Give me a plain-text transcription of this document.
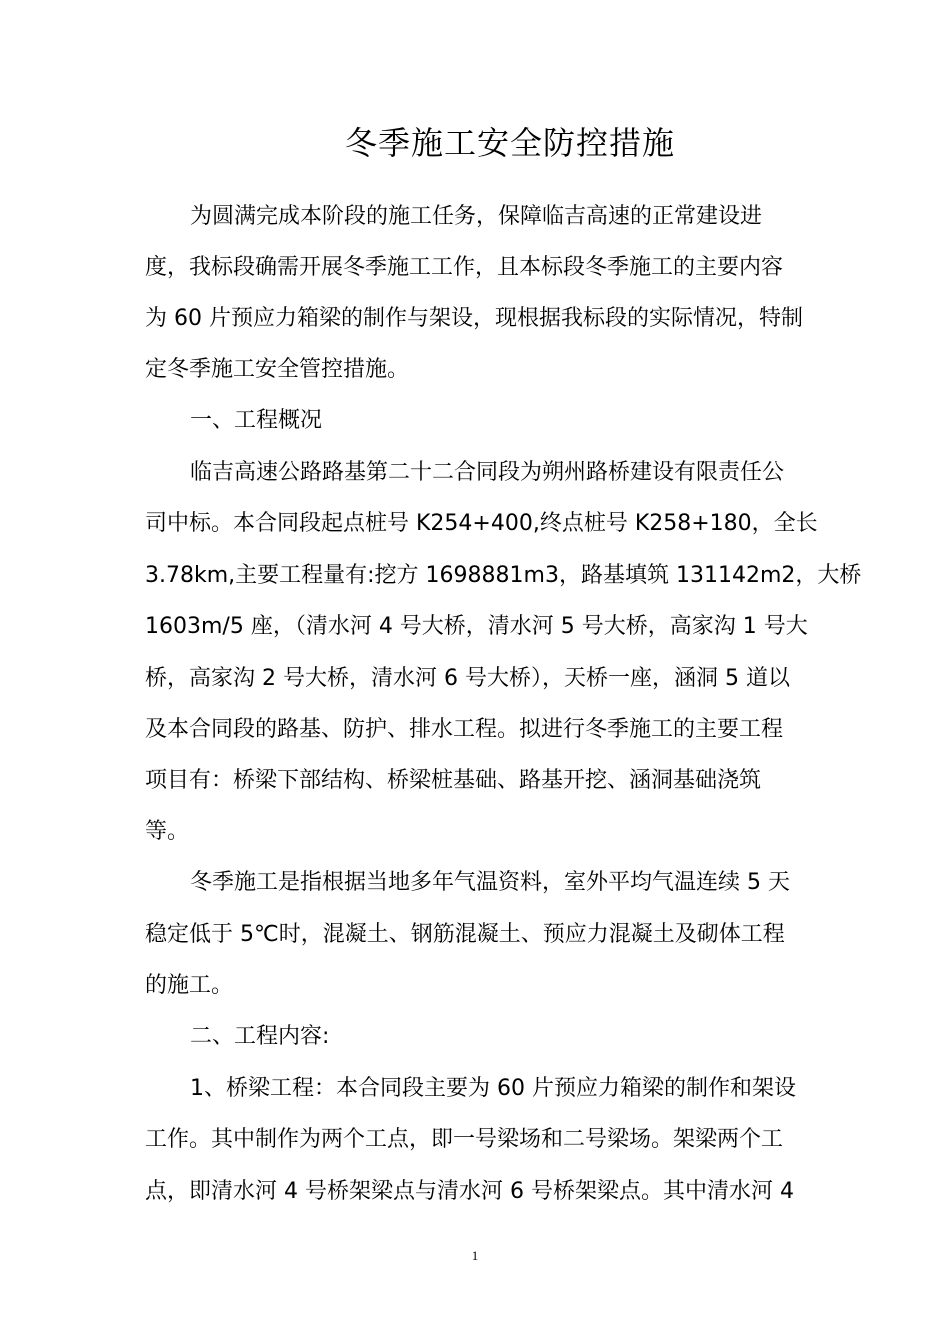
冬季施工安全防控措施
为圆满完成本阶段的施工任务，保障临吉高速的正常建设进
度，我标段确需开展冬季施工工作，且本标段冬季施工的主要内容
为 60 片预应力箱梁的制作与架设，现根据我标段的实际情况，特制
定冬季施工安全管控措施。
一、工程概况
临吉高速公路路基第二十二合同段为朔州路桥建设有限责任公
司中标。本合同段起点桩号 K254+400,终点桩号 K258+180，全长
3.78km,主要工程量有:挖方 1698881m3，路基填筑 131142m2，大桥
1603m/5 座，（清水河 4 号大桥，清水河 5 号大桥，高家沟 1 号大
桥，高家沟 2 号大桥，清水河 6 号大桥），天桥一座，涵洞 5 道以
及本合同段的路基、防护、排水工程。拟进行冬季施工的主要工程
项目有：桥梁下部结构、桥梁桩基础、路基开挖、涵洞基础浇筑
等。
冬季施工是指根据当地多年气温资料，室外平均气温连续 5 天
稳定低于 5℃时，混凝土、钢筋混凝土、预应力混凝土及砌体工程
的施工。
二、工程内容:
1、桥梁工程：本合同段主要为 60 片预应力箱梁的制作和架设
工作。其中制作为两个工点，即一号梁场和二号梁场。架梁两个工
点，即清水河 4 号桥架梁点与清水河 6 号桥架梁点。其中清水河 4
1
